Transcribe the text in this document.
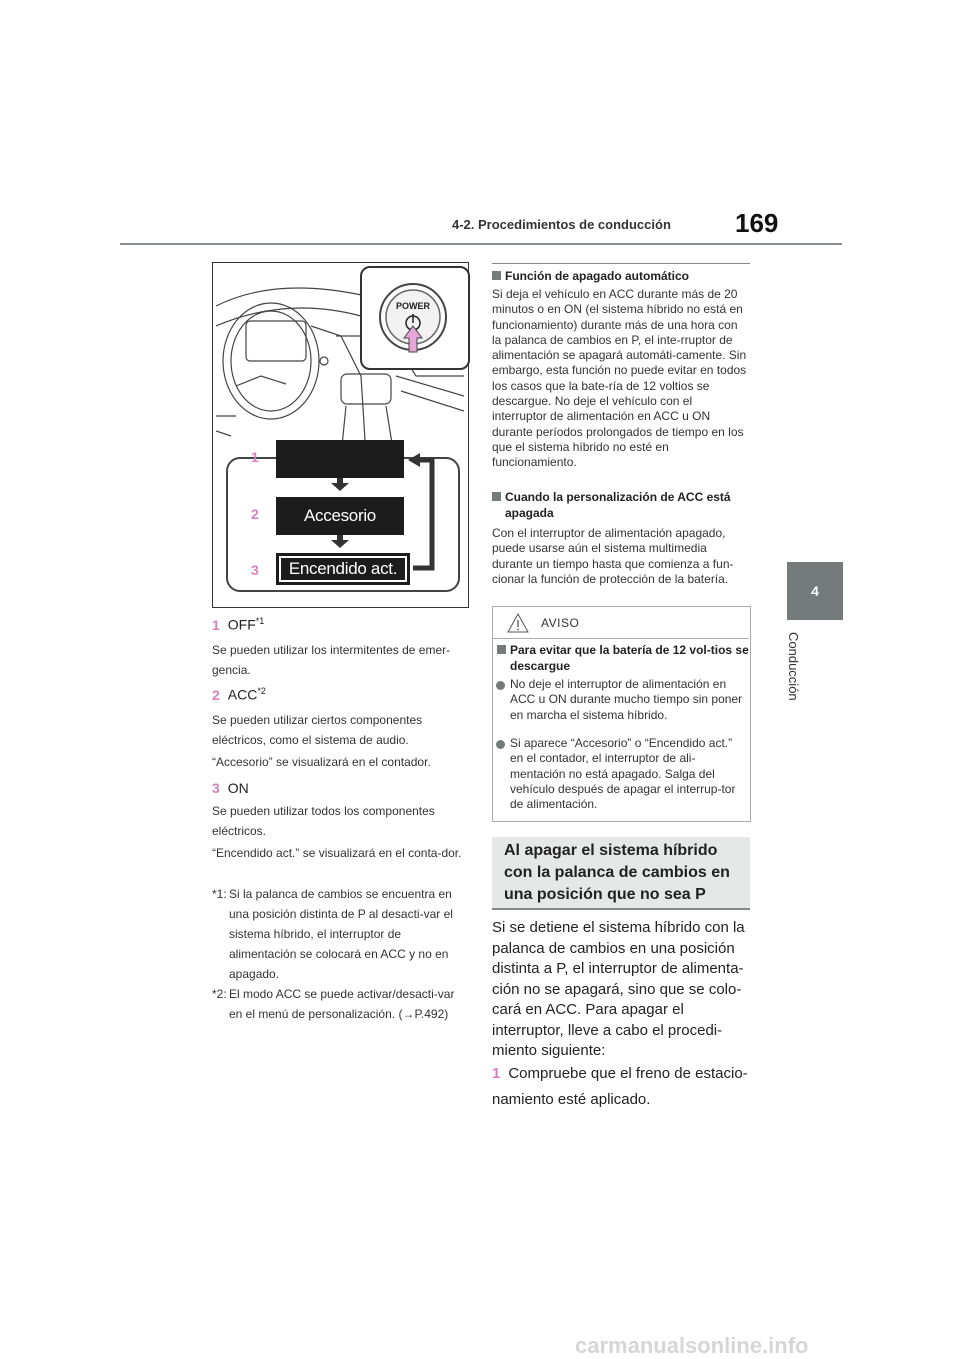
4-2. Procedimientos de conducción 169
4
Conducción
1
2
3
Accesorio
Encendido act.
POWER
1 OFF$^{*1}$
Se pueden utilizar los intermitentes de emer-gencia.
2 ACC$^{*2}$
Se pueden utilizar ciertos componentes eléctricos, como el sistema de audio.
“Accesorio” se visualizará en el contador.
3 ON
Se pueden utilizar todos los componentes eléctricos.
“Encendido act.” se visualizará en el conta-dor.
*1: Si la palanca de cambios se encuentra en una posición distinta de P al desacti-var el sistema híbrido, el interruptor de alimentación se colocará en ACC y no en apagado.
*2: El modo ACC se puede activar/desacti-var en el menú de personalización. (→P.492)
Función de apagado automático
Si deja el vehículo en ACC durante más de 20 minutos o en ON (el sistema híbrido no está en funcionamiento) durante más de una hora con la palanca de cambios en P, el inte-rruptor de alimentación se apagará automáti-camente. Sin embargo, esta función no puede evitar en todos los casos que la bate-ría de 12 voltios se descargue. No deje el vehículo con el interruptor de alimentación en ACC u ON durante períodos prolongados de tiempo en los que el sistema híbrido no esté en funcionamiento.
Cuando la personalización de ACC está apagada
Con el interruptor de alimentación apagado, puede usarse aún el sistema multimedia durante un tiempo hasta que comienza a fun-cionar la función de protección de la batería.
AVISO
Para evitar que la batería de 12 vol-tios se descargue
No deje el interruptor de alimentación en ACC u ON durante mucho tiempo sin poner en marcha el sistema híbrido.
Si aparece “Accesorio” o “Encendido act.” en el contador, el interruptor de ali-mentación no está apagado. Salga del vehículo después de apagar el interrup-tor de alimentación.
Al apagar el sistema híbrido con la palanca de cambios en una posición que no sea P
Si se detiene el sistema híbrido con la palanca de cambios en una posición distinta a P, el interruptor de alimenta-ción no se apagará, sino que se colo-cará en ACC. Para apagar el interruptor, lleve a cabo el procedi-miento siguiente:
1 Compruebe que el freno de estacio-namiento esté aplicado.
carmanualsonline.info
